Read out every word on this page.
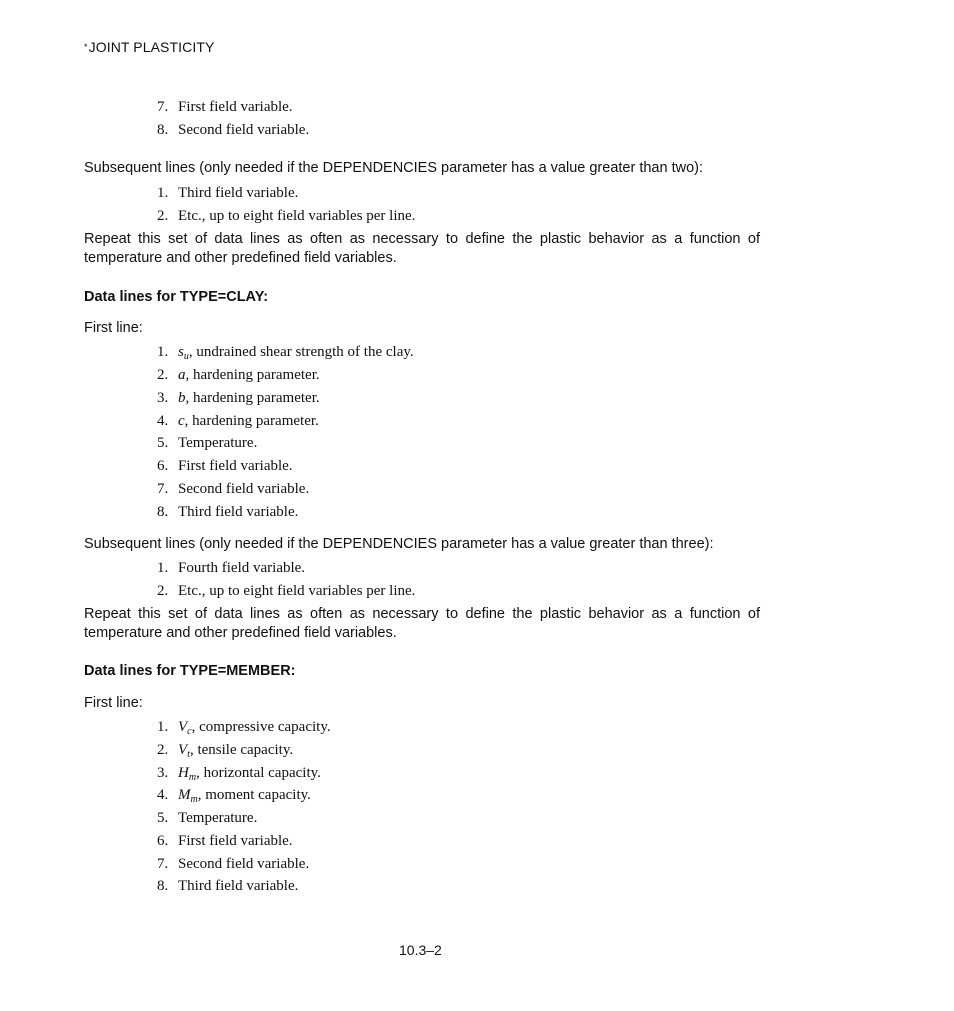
*JOINT PLASTICITY
7. First field variable.
8. Second field variable.
Subsequent lines (only needed if the DEPENDENCIES parameter has a value greater than two):
1. Third field variable.
2. Etc., up to eight field variables per line.
Repeat this set of data lines as often as necessary to define the plastic behavior as a function of temperature and other predefined field variables.
Data lines for TYPE=CLAY:
First line:
1. $s_u$, undrained shear strength of the clay.
2. a, hardening parameter.
3. b, hardening parameter.
4. c, hardening parameter.
5. Temperature.
6. First field variable.
7. Second field variable.
8. Third field variable.
Subsequent lines (only needed if the DEPENDENCIES parameter has a value greater than three):
1. Fourth field variable.
2. Etc., up to eight field variables per line.
Repeat this set of data lines as often as necessary to define the plastic behavior as a function of temperature and other predefined field variables.
Data lines for TYPE=MEMBER:
First line:
1. $V_c$, compressive capacity.
2. $V_t$, tensile capacity.
3. $H_m$, horizontal capacity.
4. $M_m$, moment capacity.
5. Temperature.
6. First field variable.
7. Second field variable.
8. Third field variable.
10.3–2
